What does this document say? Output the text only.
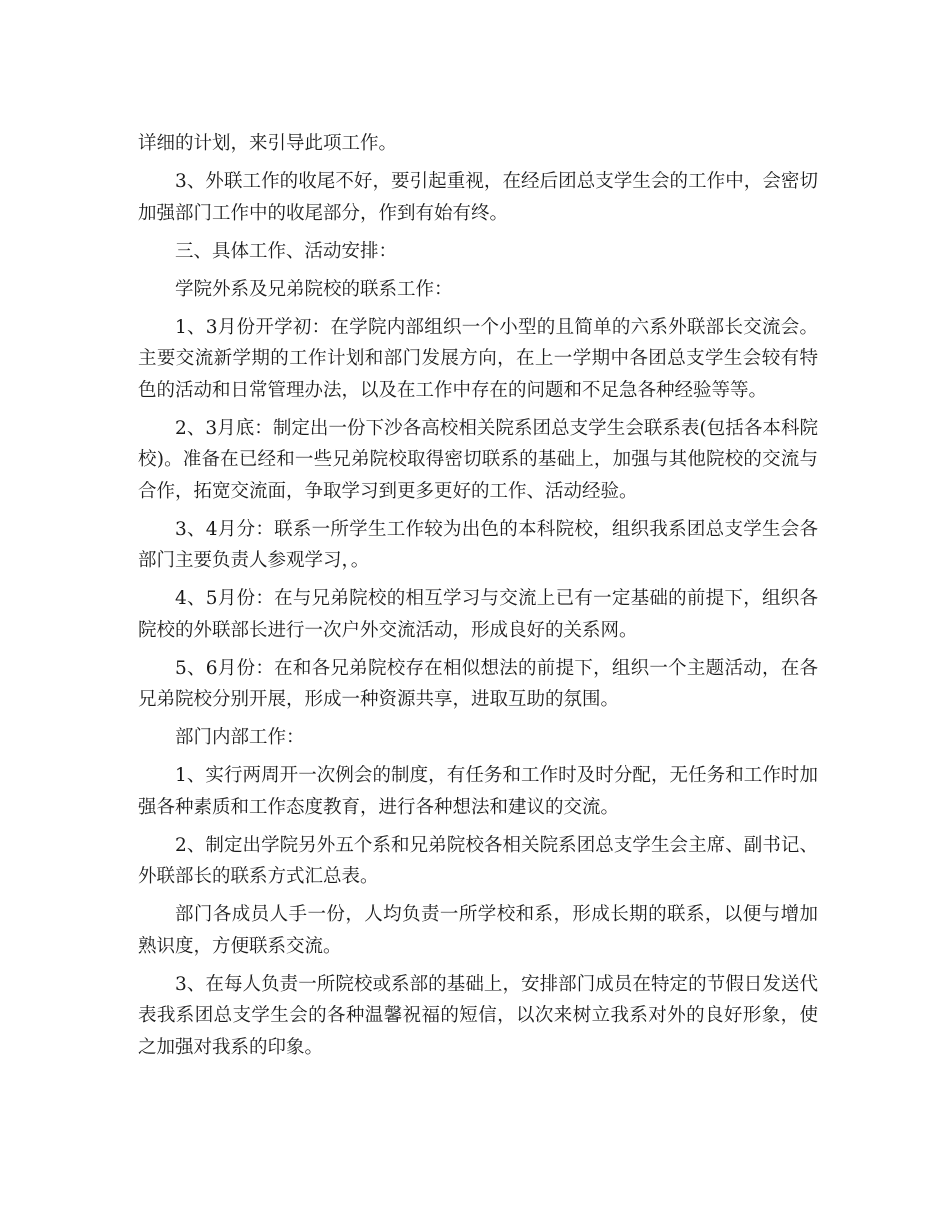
详细的计划，来引导此项工作。

3、外联工作的收尾不好，要引起重视，在经后团总支学生会的工作中，会密切加强部门工作中的收尾部分，作到有始有终。

三、具体工作、活动安排：

学院外系及兄弟院校的联系工作：

1、3月份开学初：在学院内部组织一个小型的且简单的六系外联部长交流会。主要交流新学期的工作计划和部门发展方向，在上一学期中各团总支学生会较有特色的活动和日常管理办法，以及在工作中存在的问题和不足急各种经验等等。

2、3月底：制定出一份下沙各高校相关院系团总支学生会联系表(包括各本科院校)。准备在已经和一些兄弟院校取得密切联系的基础上，加强与其他院校的交流与合作，拓宽交流面，争取学习到更多更好的工作、活动经验。

3、4月分：联系一所学生工作较为出色的本科院校，组织我系团总支学生会各部门主要负责人参观学习，。

4、5月份：在与兄弟院校的相互学习与交流上已有一定基础的前提下，组织各院校的外联部长进行一次户外交流活动，形成良好的关系网。

5、6月份：在和各兄弟院校存在相似想法的前提下，组织一个主题活动，在各兄弟院校分别开展，形成一种资源共享，进取互助的氛围。

部门内部工作：

1、实行两周开一次例会的制度，有任务和工作时及时分配，无任务和工作时加强各种素质和工作态度教育，进行各种想法和建议的交流。

2、制定出学院另外五个系和兄弟院校各相关院系团总支学生会主席、副书记、外联部长的联系方式汇总表。

部门各成员人手一份，人均负责一所学校和系，形成长期的联系，以便与增加熟识度，方便联系交流。

3、在每人负责一所院校或系部的基础上，安排部门成员在特定的节假日发送代表我系团总支学生会的各种温馨祝福的短信，以次来树立我系对外的良好形象，使之加强对我系的印象。
